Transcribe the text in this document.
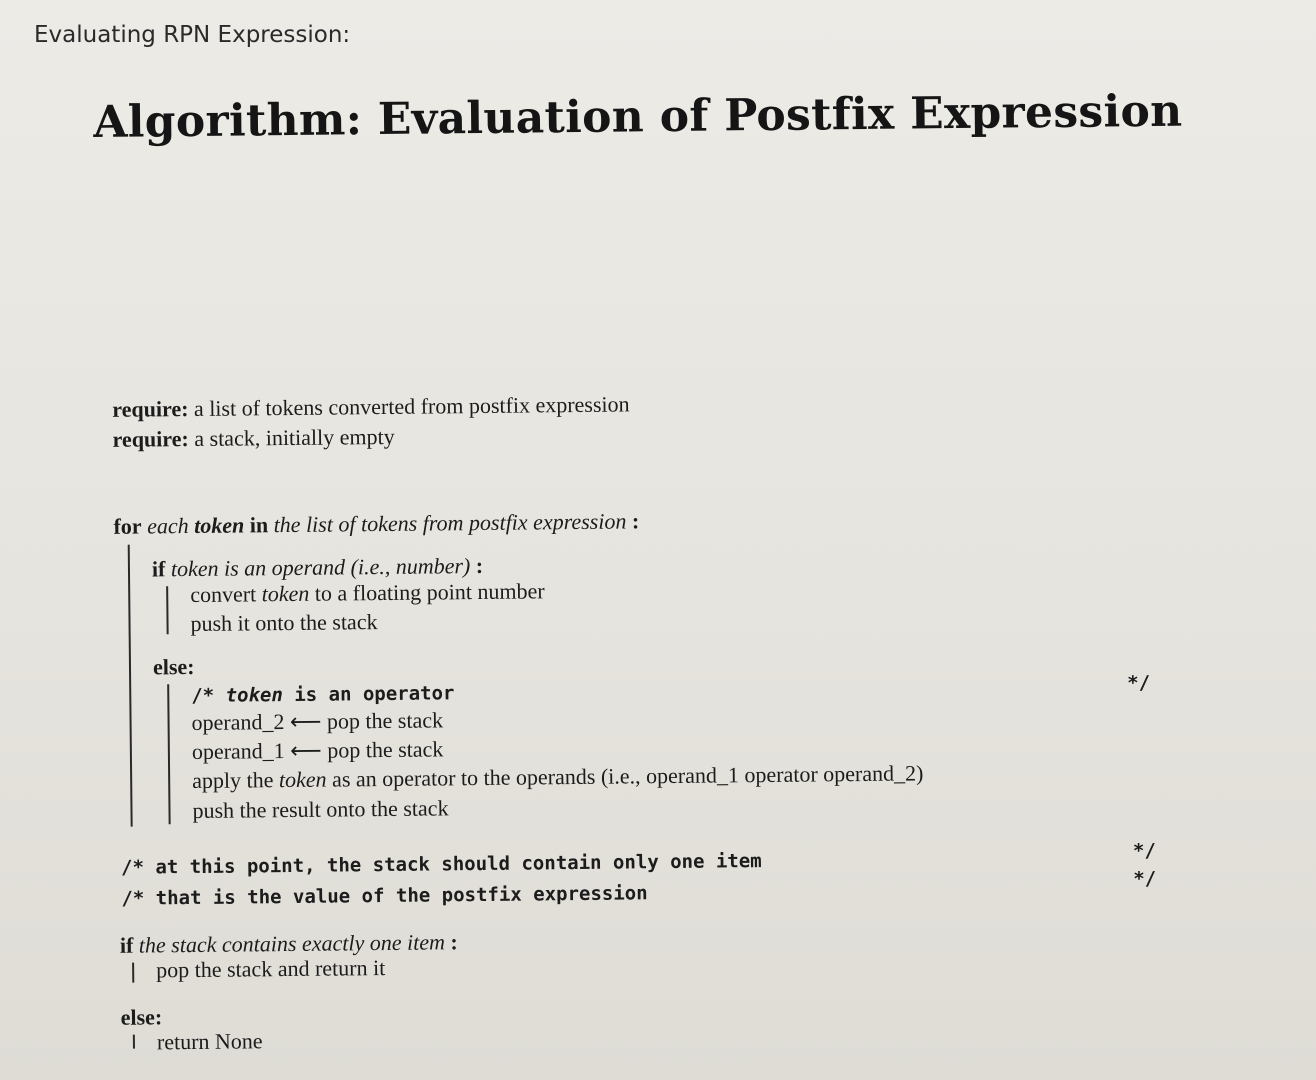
Evaluating RPN Expression:
Algorithm: Evaluation of Postfix Expression
require: a list of tokens converted from postfix expression
require: a stack, initially empty
for each token in the list of tokens from postfix expression :
if token is an operand (i.e., number) :
convert token to a floating point number
push it onto the stack
else:
/* token is an operator	*/
operand_2 ⟵ pop the stack
operand_1 ⟵ pop the stack
apply the token as an operator to the operands (i.e., operand_1 operator operand_2)
push the result onto the stack
/* at this point, the stack should contain only one item	*/
/* that is the value of the postfix expression
*/
if the stack contains exactly one item :
pop the stack and return it
else:
return None
